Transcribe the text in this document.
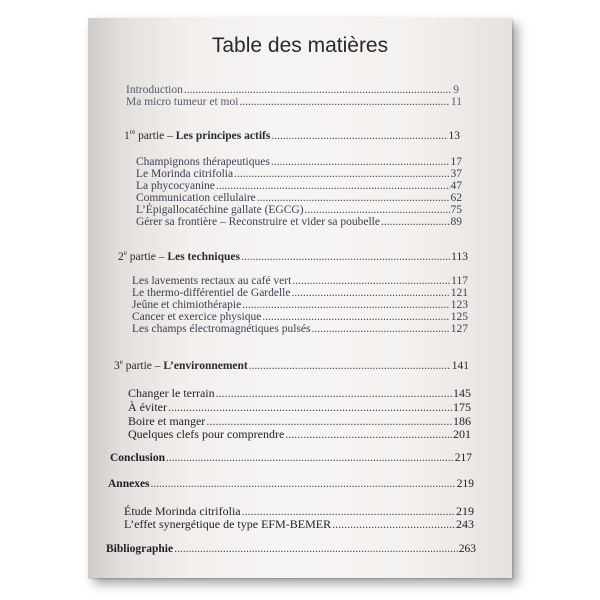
Table des matières
Introduction .....	9
Ma micro tumeur et moi .....	11
1re partie – Les principes actifs .....	13
Champignons thérapeutiques .....	17
Le Morinda citrifolia .....	37
La phycocyanine .....	47
Communication cellulaire .....	62
L’Épigallocatéchine gallate (EGCG) .....	75
Gérer sa frontière – Reconstruire et vider sa poubelle .....	89
2e partie – Les techniques .....	113
Les lavements rectaux au café vert .....	117
Le thermo-différentiel de Gardelle .....	121
Jeûne et chimiothérapie .....	123
Cancer et exercice physique .....	125
Les champs électromagnétiques pulsés .....	127
3e partie – L’environnement .....	141
Changer le terrain .....	145
À éviter .....	175
Boire et manger .....	186
Quelques clefs pour comprendre .....	201
Conclusion .....	217
Annexes .....	219
Étude Morinda citrifolia .....	219
L’effet synergétique de type EFM-BEMER .....	243
Bibliographie .....	263
